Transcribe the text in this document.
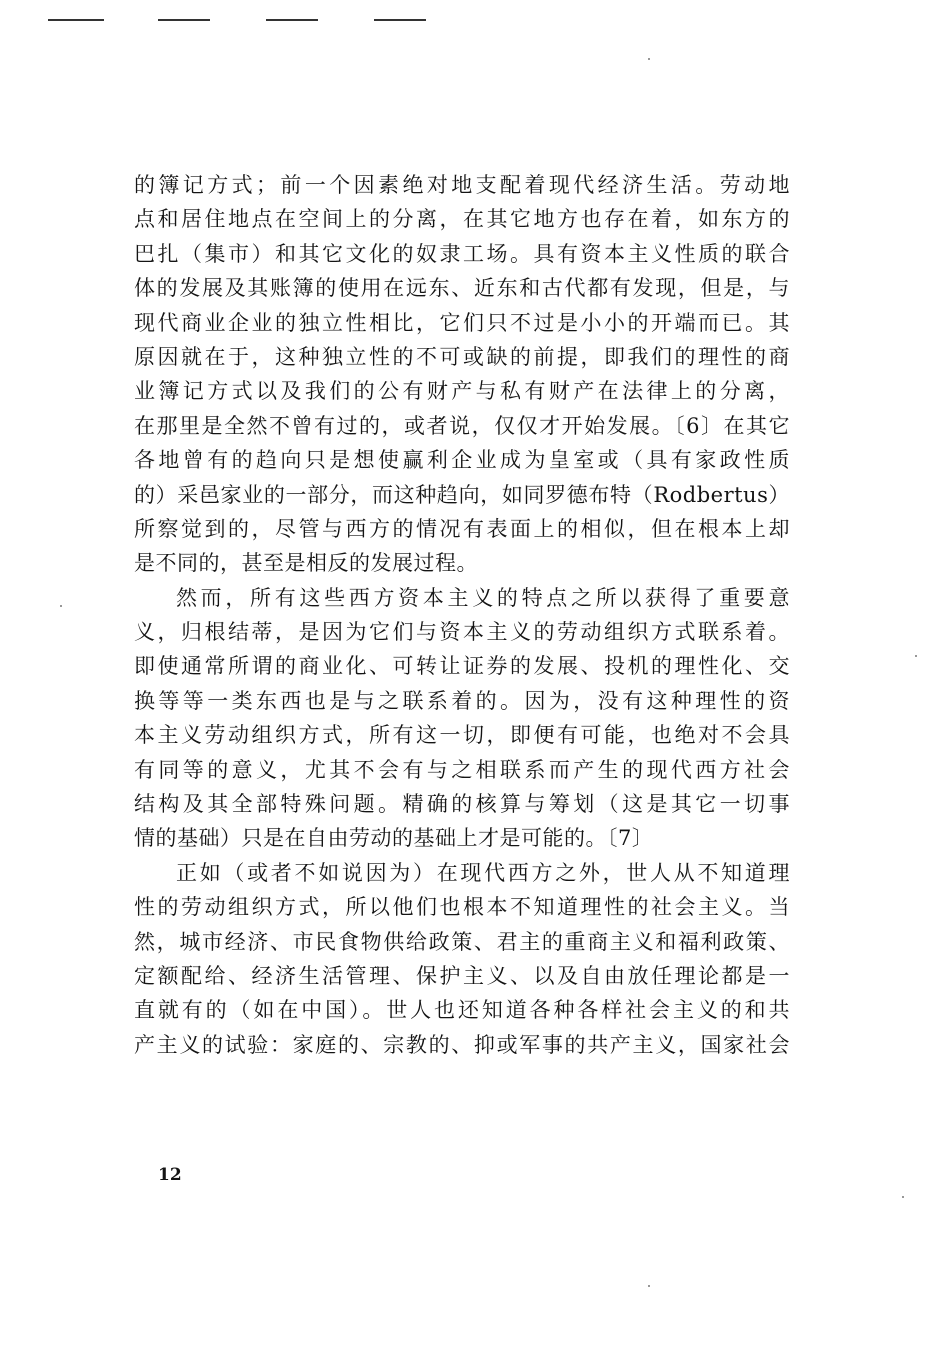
的簿记方式；前一个因素绝对地支配着现代经济生活。劳动地
点和居住地点在空间上的分离，在其它地方也存在着，如东方的
巴扎（集市）和其它文化的奴隶工场。具有资本主义性质的联合
体的发展及其账簿的使用在远东、近东和古代都有发现，但是，与
现代商业企业的独立性相比，它们只不过是小小的开端而已。其
原因就在于，这种独立性的不可或缺的前提，即我们的理性的商
业簿记方式以及我们的公有财产与私有财产在法律上的分离，
在那里是全然不曾有过的，或者说，仅仅才开始发展。〔6〕在其它
各地曾有的趋向只是想使赢利企业成为皇室或（具有家政性质
的）采邑家业的一部分，而这种趋向，如同罗德布特（Rodbertus）
所察觉到的，尽管与西方的情况有表面上的相似，但在根本上却
是不同的，甚至是相反的发展过程。
然而，所有这些西方资本主义的特点之所以获得了重要意
义，归根结蒂，是因为它们与资本主义的劳动组织方式联系着。
即使通常所谓的商业化、可转让证券的发展、投机的理性化、交
换等等一类东西也是与之联系着的。因为，没有这种理性的资
本主义劳动组织方式，所有这一切，即便有可能，也绝对不会具
有同等的意义，尤其不会有与之相联系而产生的现代西方社会
结构及其全部特殊问题。精确的核算与筹划（这是其它一切事
情的基础）只是在自由劳动的基础上才是可能的。〔7〕
正如（或者不如说因为）在现代西方之外，世人从不知道理
性的劳动组织方式，所以他们也根本不知道理性的社会主义。当
然，城市经济、市民食物供给政策、君主的重商主义和福利政策、
定额配给、经济生活管理、保护主义、以及自由放任理论都是一
直就有的（如在中国）。世人也还知道各种各样社会主义的和共
产主义的试验：家庭的、宗教的、抑或军事的共产主义，国家社会
12
